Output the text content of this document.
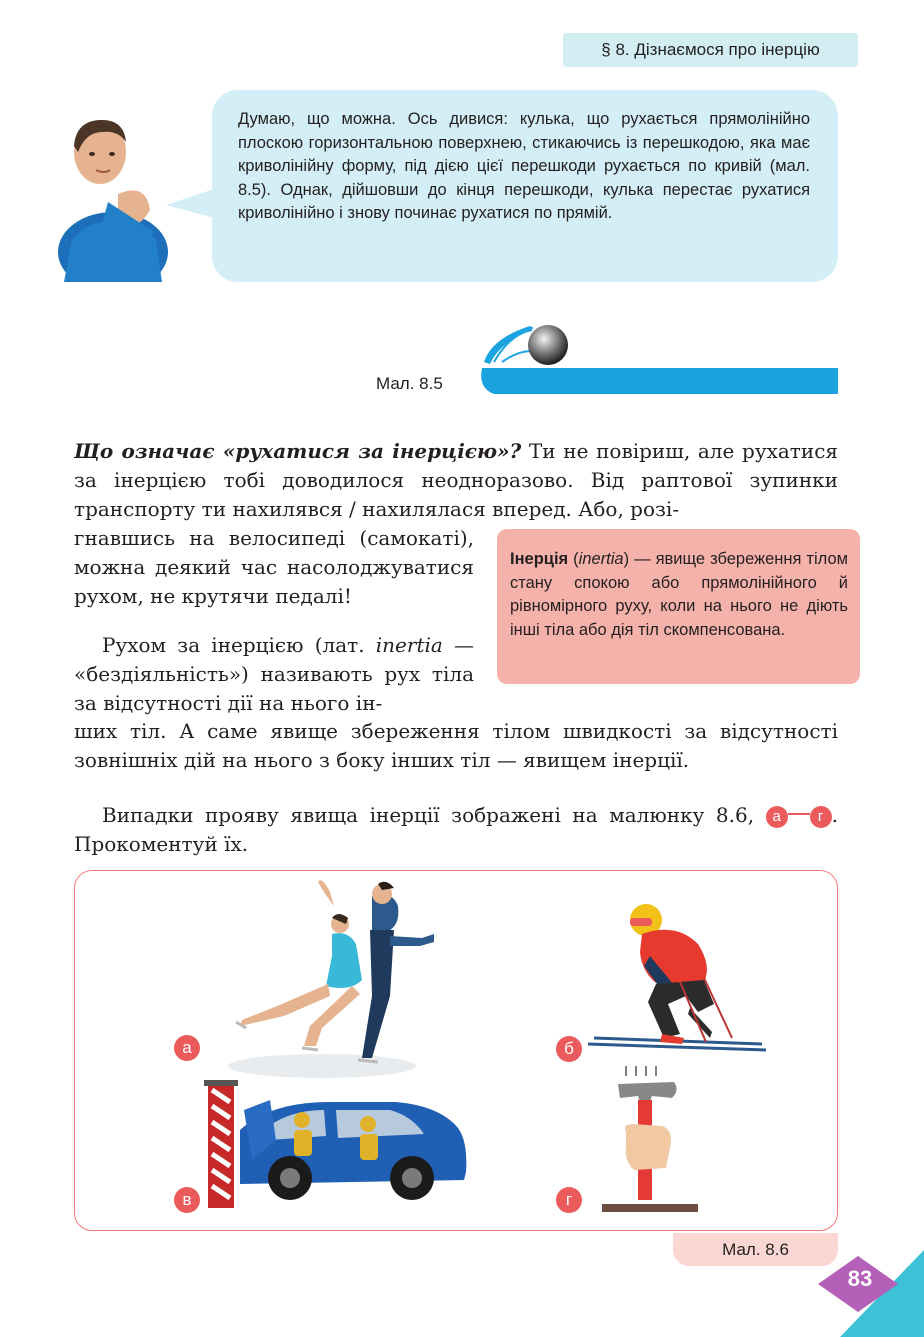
§ 8. Дізнаємося про інерцію
Думаю, що можна. Ось дивися: кулька, що рухається прямолінійно плоскою горизонтальною поверхнею, стикаючись із перешкодою, яка має криволінійну форму, під дією цієї перешкоди рухається по кривій (мал. 8.5). Однак, дійшовши до кінця перешкоди, кулька перестає рухатися криволінійно і знову починає рухатися по прямій.
Мал. 8.5
Що означає «рухатися за інерцією»? Ти не повіриш, але рухатися за інерцією тобі доводилося неодноразово. Від раптової зупинки транспорту ти нахилявся / нахилялася вперед. Або, розі-
гнавшись на велосипеді (самокаті), можна деякий час насолоджуватися рухом, не крутячи педалі!
Рухом за інерцією (лат. inertia — «бездіяльність») називають рух тіла за відсутності дії на нього ін-
ших тіл. А саме явище збереження тілом швидкості за відсутності зовнішніх дій на нього з боку інших тіл — явищем інерції.
Інерція (inertia) — явище збереження тілом стану спокою або прямолінійного й рівномірного руху, коли на нього не діють інші тіла або дія тіл скомпенсована.
Випадки прояву явища інерції зображені на малюнку 8.6, а г . Прокоментуй їх.
а	б
в	г
Мал. 8.6
83
